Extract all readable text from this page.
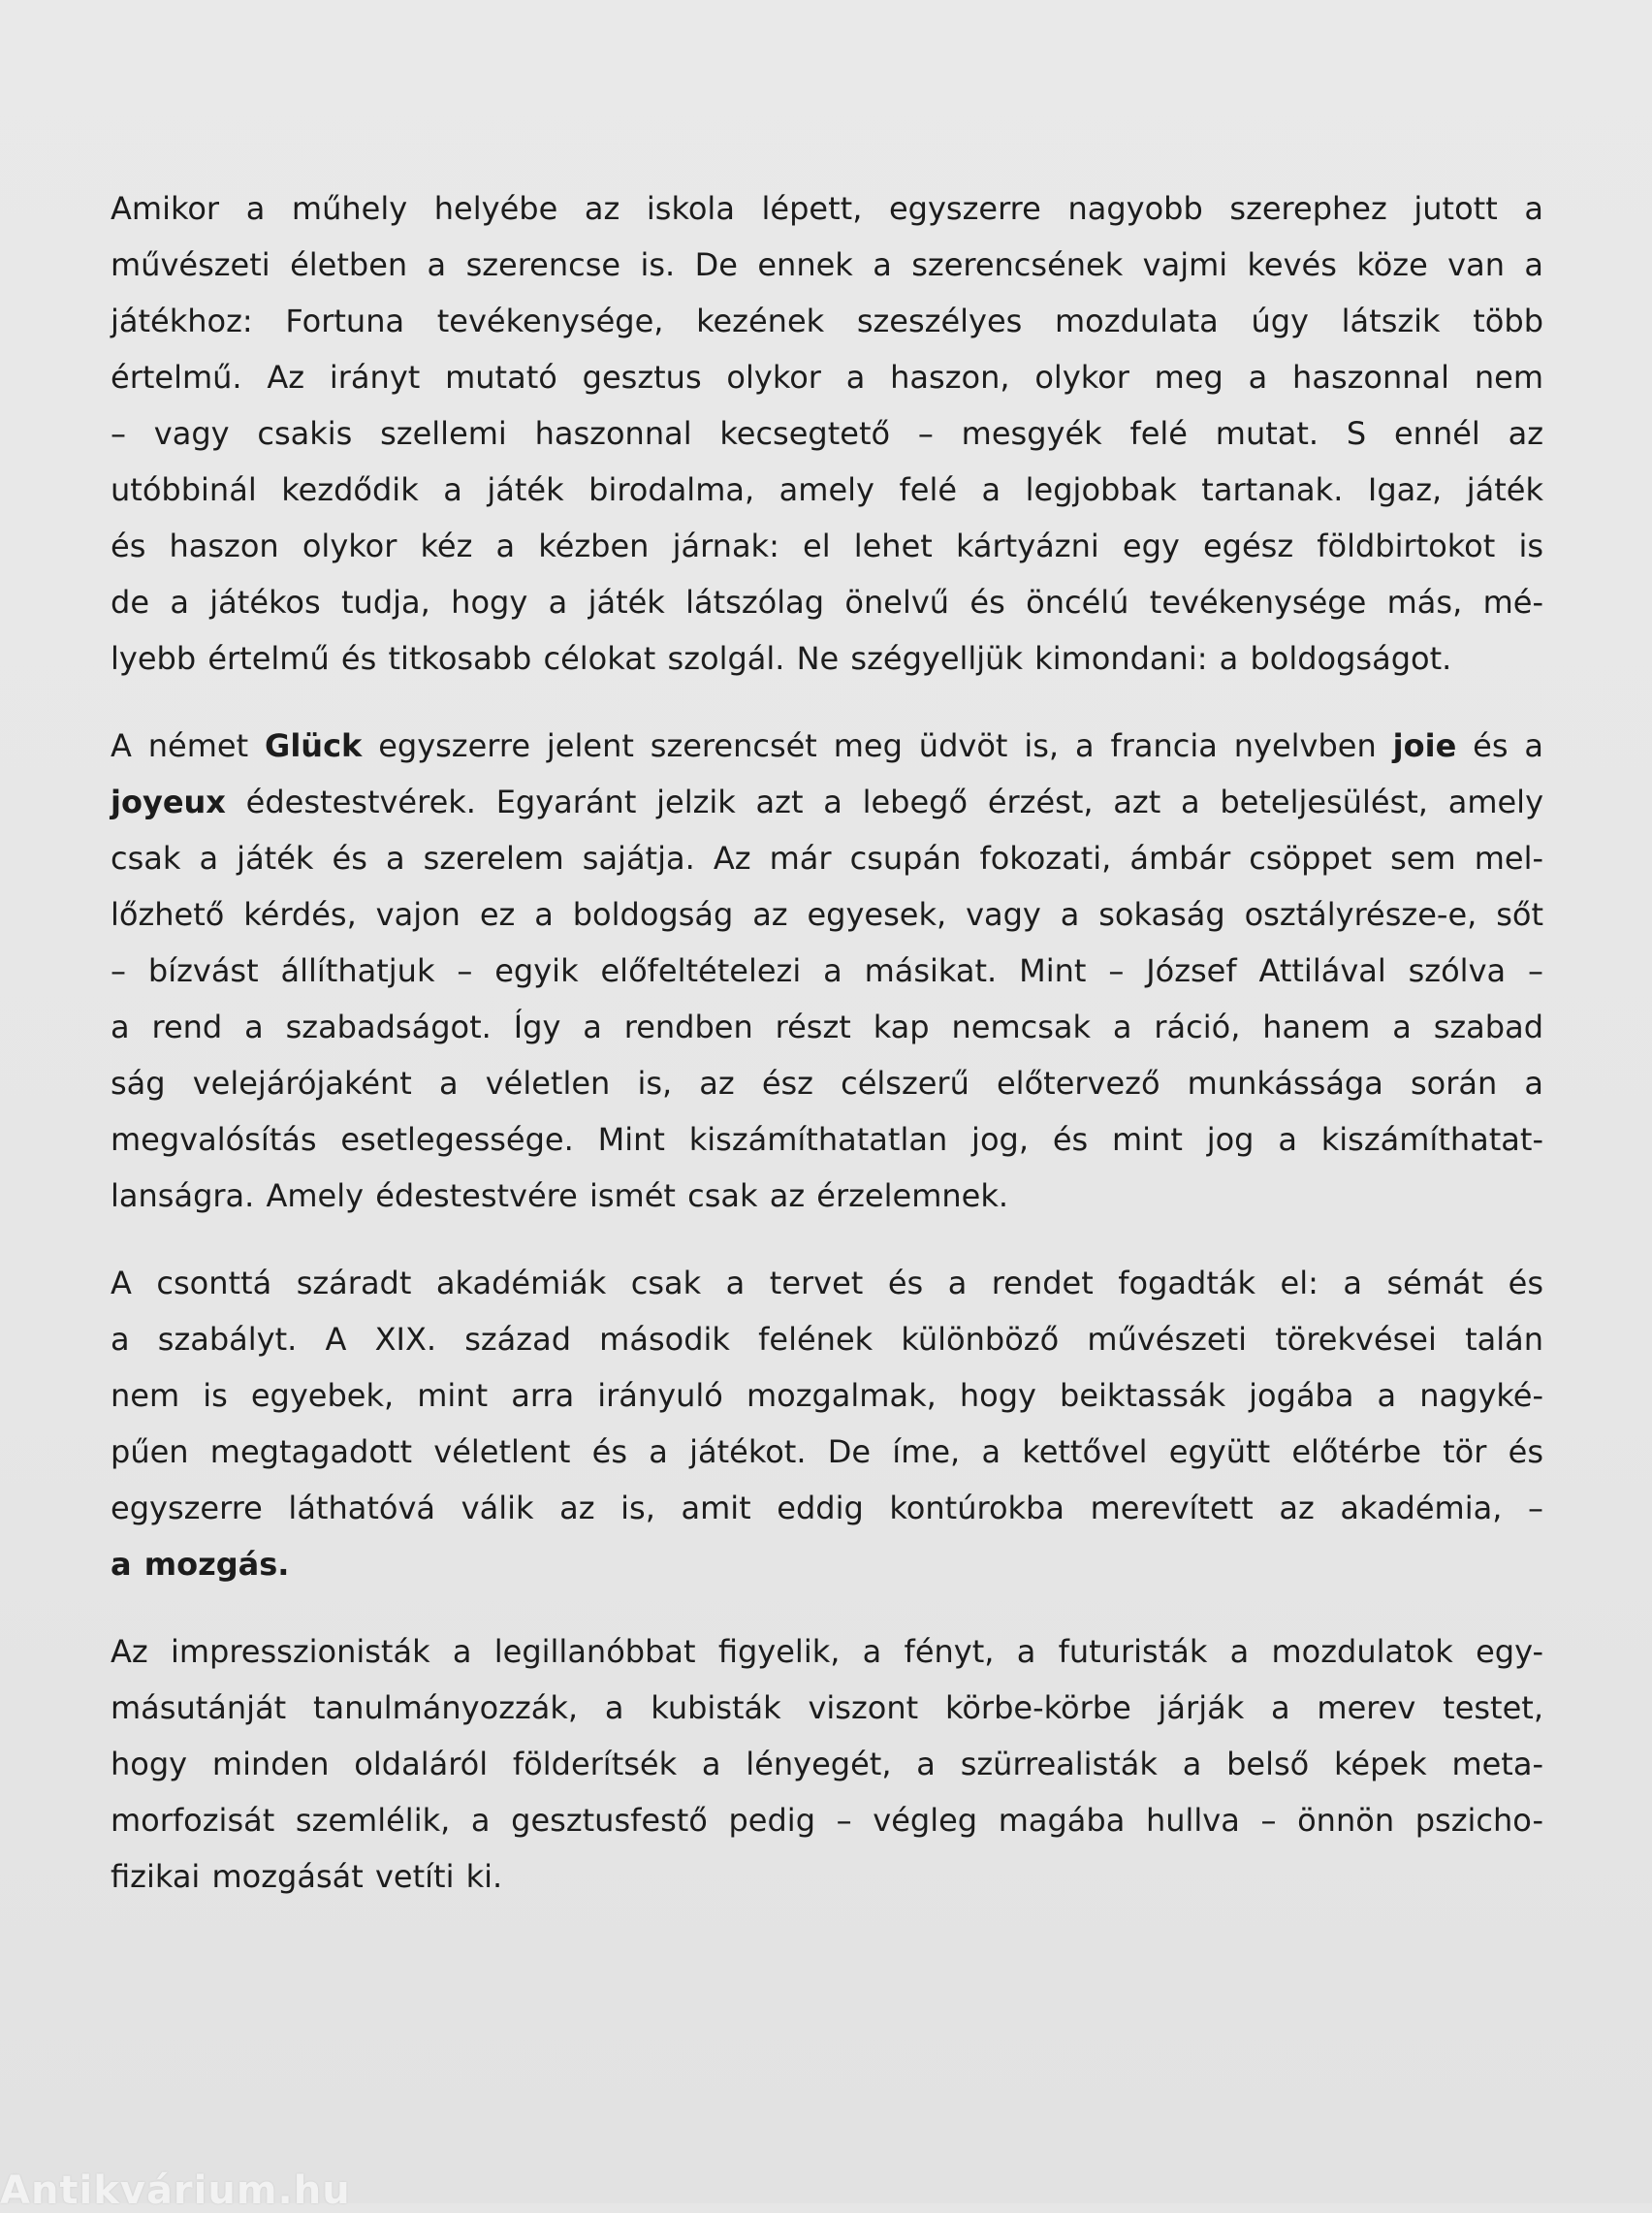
Amikor a műhely helyébe az iskola lépett, egyszerre nagyobb szerephez jutott a
művészeti életben a szerencse is. De ennek a szerencsének vajmi kevés köze van a
játékhoz: Fortuna tevékenysége, kezének szeszélyes mozdulata úgy látszik több
értelmű. Az irányt mutató gesztus olykor a haszon, olykor meg a haszonnal nem
– vagy csakis szellemi haszonnal kecsegtető – mesgyék felé mutat. S ennél az
utóbbinál kezdődik a játék birodalma, amely felé a legjobbak tartanak. Igaz, játék
és haszon olykor kéz a kézben járnak: el lehet kártyázni egy egész földbirtokot is
de a játékos tudja, hogy a játék látszólag önelvű és öncélú tevékenysége más, mé-
lyebb értelmű és titkosabb célokat szolgál. Ne szégyelljük kimondani: a boldogságot.
A német Glück egyszerre jelent szerencsét meg üdvöt is, a francia nyelvben joie és a
joyeux édestestvérek. Egyaránt jelzik azt a lebegő érzést, azt a beteljesülést, amely
csak a játék és a szerelem sajátja. Az már csupán fokozati, ámbár csöppet sem mel-
lőzhető kérdés, vajon ez a boldogság az egyesek, vagy a sokaság osztályrésze-e, sőt
– bízvást állíthatjuk – egyik előfeltételezi a másikat. Mint – József Attilával szólva –
a rend a szabadságot. Így a rendben részt kap nemcsak a ráció, hanem a szabad
ság velejárójaként a véletlen is, az ész célszerű előtervező munkássága során a
megvalósítás esetlegessége. Mint kiszámíthatatlan jog, és mint jog a kiszámíthatat-
lanságra. Amely édestestvére ismét csak az érzelemnek.
A csonttá száradt akadémiák csak a tervet és a rendet fogadták el: a sémát és
a szabályt. A XIX. század második felének különböző művészeti törekvései talán
nem is egyebek, mint arra irányuló mozgalmak, hogy beiktassák jogába a nagyké-
pűen megtagadott véletlent és a játékot. De íme, a kettővel együtt előtérbe tör és
egyszerre láthatóvá válik az is, amit eddig kontúrokba merevített az akadémia, –
a mozgás.
Az impresszionisták a legillanóbbat figyelik, a fényt, a futuristák a mozdulatok egy-
másutánját tanulmányozzák, a kubisták viszont körbe-körbe járják a merev testet,
hogy minden oldaláról földerítsék a lényegét, a szürrealisták a belső képek meta-
morfozisát szemlélik, a gesztusfestő pedig – végleg magába hullva – önnön pszicho-
fizikai mozgását vetíti ki.
Antikvárium.hu
